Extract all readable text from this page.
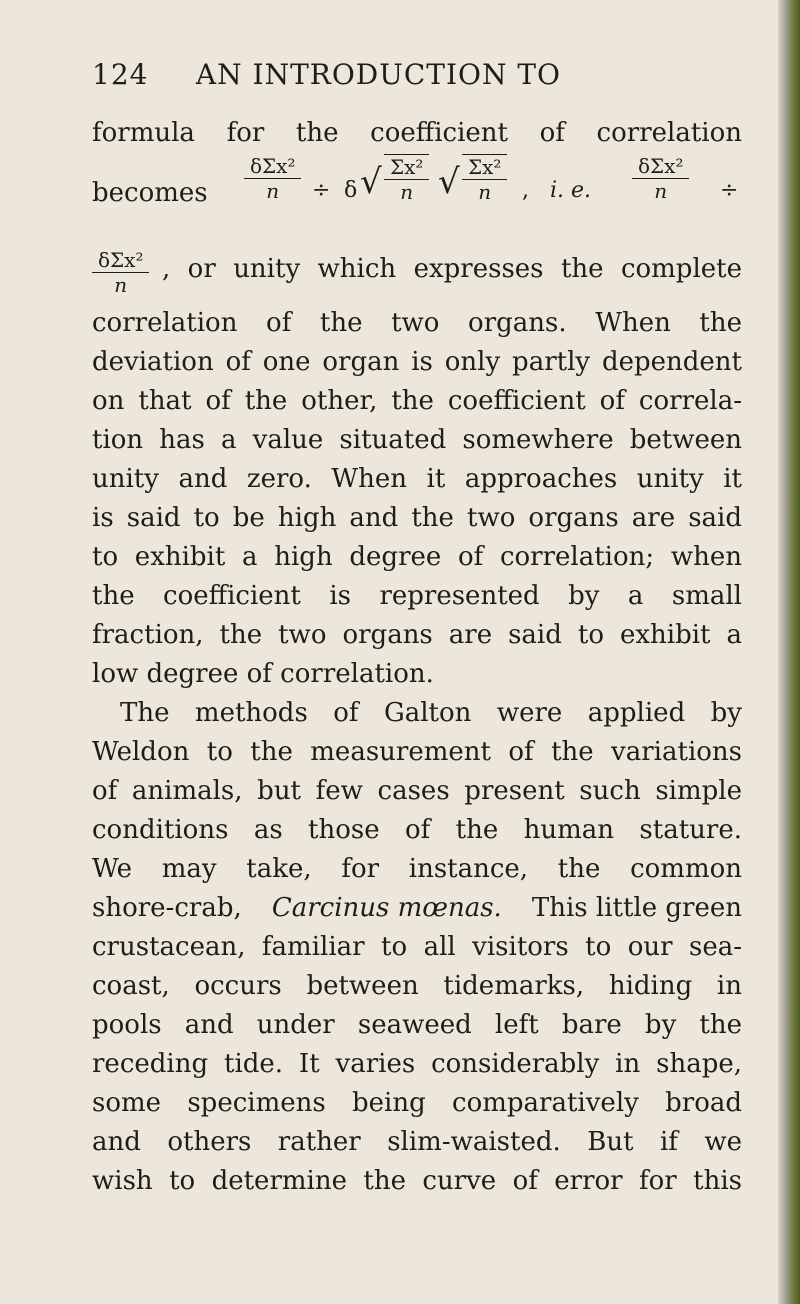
124 AN INTRODUCTION TO
formula for the coefficient of correlation
becomes
δΣx²
n	÷ δ √ $\frac{\text{Σx²}}{n}$ √ $\frac{\text{Σx²}}{n}$ , i. e.
δΣx²
n	÷
δΣx²
n
, or unity which expresses the complete
correlation of the two organs. When the
deviation of one organ is only partly dependent
on that of the other, the coefficient of correla-
tion has a value situated somewhere between
unity and zero. When it approaches unity it
is said to be high and the two organs are said
to exhibit a high degree of correlation; when
the coefficient is represented by a small
fraction, the two organs are said to exhibit a
low degree of correlation.
The methods of Galton were applied by
Weldon to the measurement of the variations
of animals, but few cases present such simple
conditions as those of the human stature.
We may take, for instance, the common
shore-crab, Carcinus mœnas. This little green
crustacean, familiar to all visitors to our sea-
coast, occurs between tidemarks, hiding in
pools and under seaweed left bare by the
receding tide. It varies considerably in shape,
some specimens being comparatively broad
and others rather slim-waisted. But if we
wish to determine the curve of error for this
